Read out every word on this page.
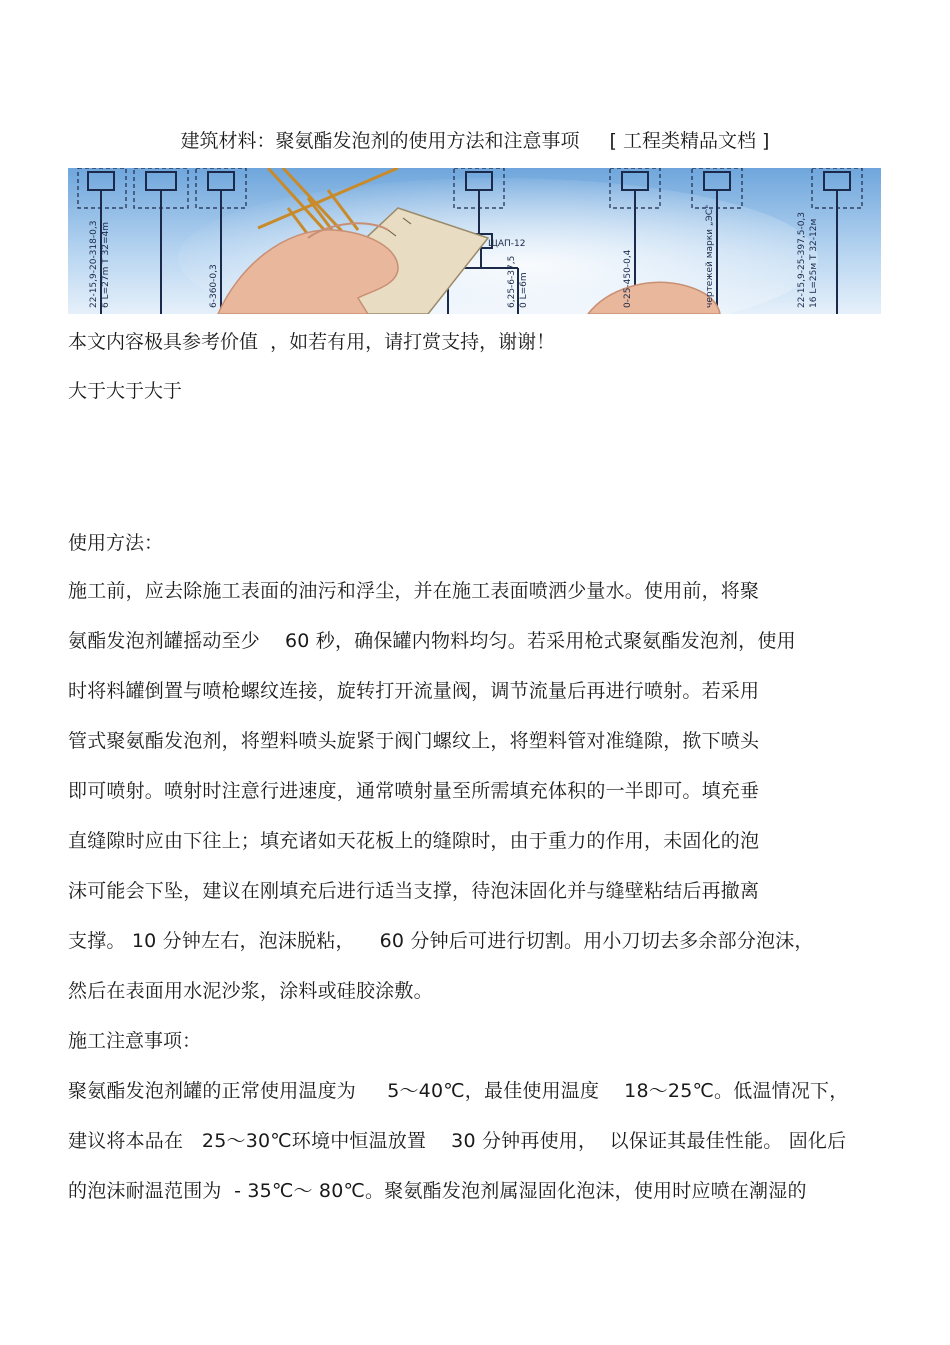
建筑材料：聚氨酯发泡剂的使用方法和注意事项 [ 工程类精品文档 ]
22-15,9-20-318-0,3 6 L=27m T 32=4m	6-360-0,3	6,25-6-37,5 0 L=6m	0-25-450-0,4	чертежей марки „ЭС"	22-15,9-25-397,5-0,3 16 L=25м T 32-12м
ЩАП-12
本文内容极具参考价值  ，如若有用，请打赏支持，谢谢！
大于大于大于
使用方法：
施工前，应去除施工表面的油污和浮尘，并在施工表面喷洒少量水。使用前，将聚
氨酯发泡剂罐摇动至少    60 秒，确保罐内物料均匀。若采用枪式聚氨酯发泡剂，使用
时将料罐倒置与喷枪螺纹连接，旋转打开流量阀，调节流量后再进行喷射。若采用
管式聚氨酯发泡剂，将塑料喷头旋紧于阀门螺纹上，将塑料管对准缝隙，揿下喷头
即可喷射。喷射时注意行进速度，通常喷射量至所需填充体积的一半即可。填充垂
直缝隙时应由下往上；填充诸如天花板上的缝隙时，由于重力的作用，未固化的泡
沫可能会下坠，建议在刚填充后进行适当支撑，待泡沫固化并与缝壁粘结后再撤离
支撑。 10 分钟左右，泡沫脱粘，    60 分钟后可进行切割。用小刀切去多余部分泡沫，
然后在表面用水泥沙浆，涂料或硅胶涂敷。
施工注意事项：
聚氨酯发泡剂罐的正常使用温度为     5～40℃，最佳使用温度    18～25℃。低温情况下，
建议将本品在   25～30℃环境中恒温放置    30 分钟再使用，  以保证其最佳性能。 固化后
的泡沫耐温范围为  - 35℃～ 80℃。聚氨酯发泡剂属湿固化泡沫，使用时应喷在潮湿的
